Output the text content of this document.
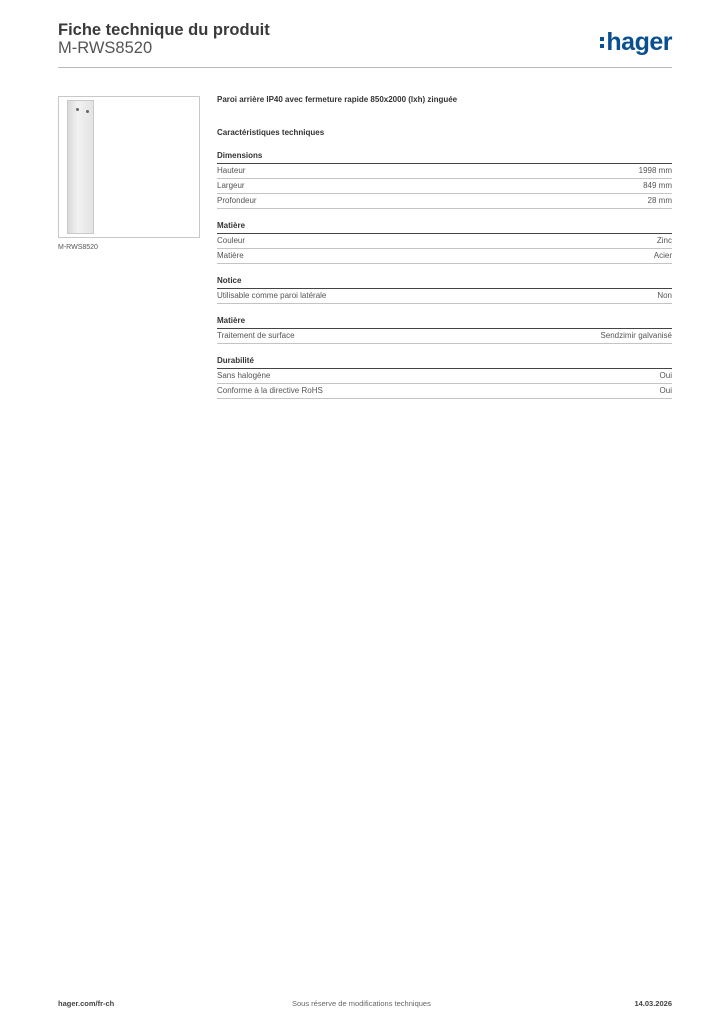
Fiche technique du produit
M-RWS8520	hager
M-RWS8520
Paroi arrière IP40 avec fermeture rapide 850x2000 (lxh) zinguée
Caractéristiques techniques
Dimensions
Hauteur	1998 mm
Largeur	849 mm
Profondeur	28 mm
Matière
Couleur	Zinc
Matière	Acier
Notice
Utilisable comme paroi latérale	Non
Matière
Traitement de surface	Sendzimir galvanisé
Durabilité
Sans halogène	Oui
Conforme à la directive RoHS	Oui
hager.com/fr-ch	Sous réserve de modifications techniques	14.03.2026
